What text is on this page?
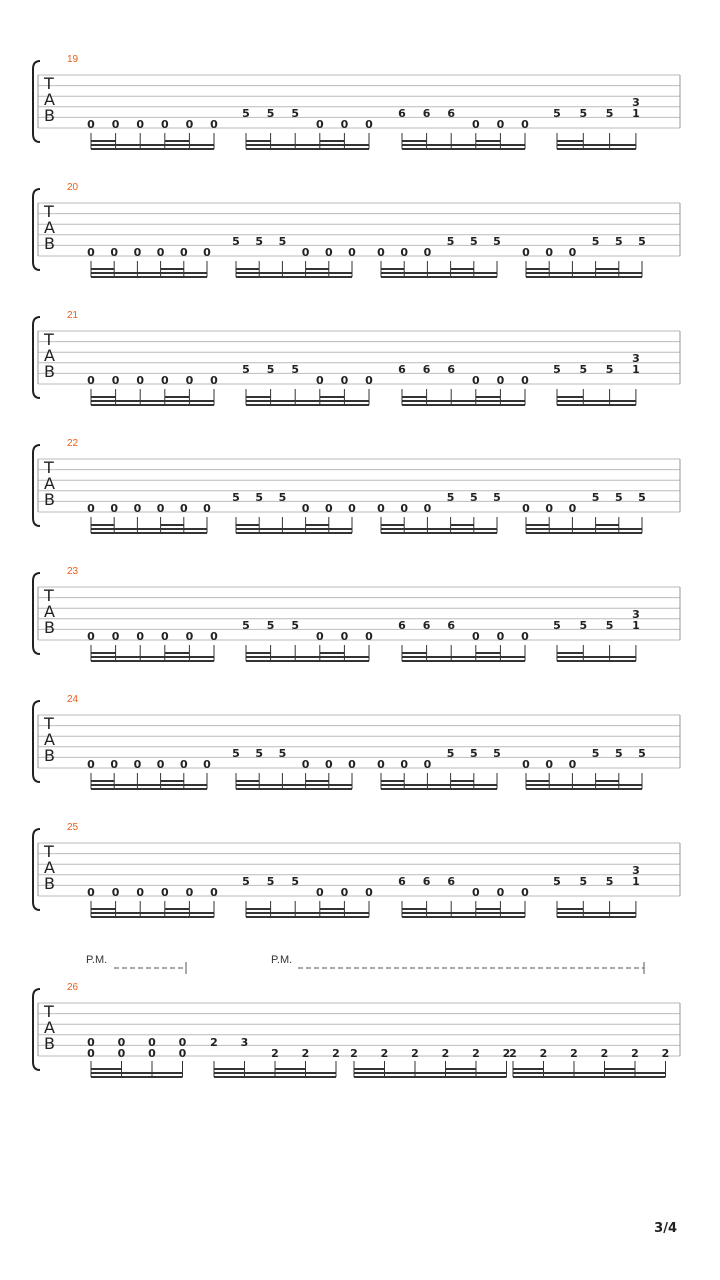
T
A
B
19
0 0 0 0 0 0
5 5 5
0 0 0
6 6 6
0 0 0
5 5 5 1
3
T
A
B
20
0 0 0 0 0 0
5 5 5
0 0 0 0 0 0
5 5 5
0 0 0
5 5 5
T
A
B
21
0 0 0 0 0 0
5 5 5
0 0 0
6 6 6
0 0 0
5 5 5 1
3
T
A
B
22
0 0 0 0 0 0
5 5 5
0 0 0 0 0 0
5 5 5
0 0 0
5 5 5
T
A
B
23
0 0 0 0 0 0
5 5 5
0 0 0
6 6 6
0 0 0
5 5 5 1
3
T
A
B
24
0 0 0 0 0 0
5 5 5
0 0 0 0 0 0
5 5 5
0 0 0
5 5 5
T
A
B
25
0 0 0 0 0 0
5 5 5
0 0 0
6 6 6
0 0 0
5 5 5 1
3
T
A
B
26
0
0
0
0
0
0
0
0 2 3
2 2 2 2 2 2 2 2 2
2 2 2 2 2 2
P.M.	P.M.
3/4
